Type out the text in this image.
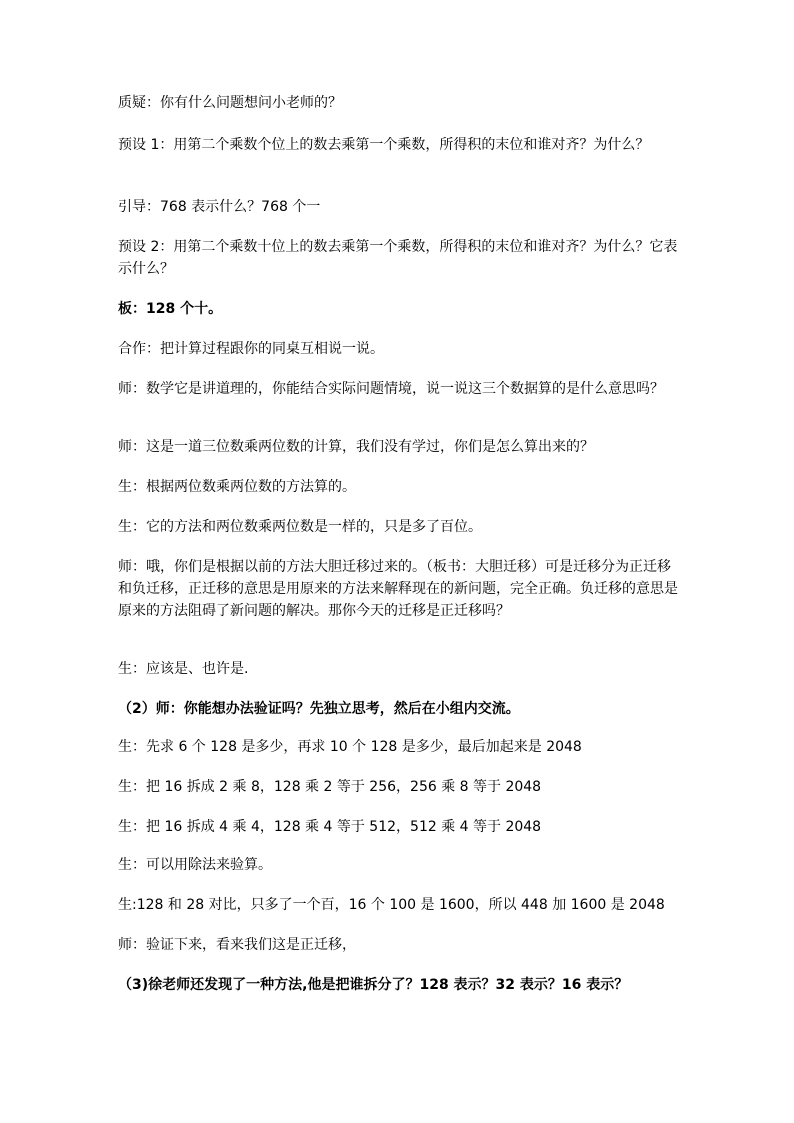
质疑：你有什么问题想问小老师的？

预设 1：用第二个乘数个位上的数去乘第一个乘数，所得积的末位和谁对齐？为什么？

引导：768 表示什么？768 个一

预设 2：用第二个乘数十位上的数去乘第一个乘数，所得积的末位和谁对齐？为什么？它表示什么？

板：128 个十。

合作：把计算过程跟你的同桌互相说一说。

师：数学它是讲道理的，你能结合实际问题情境，说一说这三个数据算的是什么意思吗？

师：这是一道三位数乘两位数的计算，我们没有学过，你们是怎么算出来的？

生：根据两位数乘两位数的方法算的。

生：它的方法和两位数乘两位数是一样的，只是多了百位。

师：哦，你们是根据以前的方法大胆迁移过来的。（板书：大胆迁移）可是迁移分为正迁移和负迁移，正迁移的意思是用原来的方法来解释现在的新问题，完全正确。负迁移的意思是原来的方法阻碍了新问题的解决。那你今天的迁移是正迁移吗？

生：应该是、也许是.

（2）师：你能想办法验证吗？先独立思考，然后在小组内交流。

生：先求 6 个 128 是多少，再求 10 个 128 是多少，最后加起来是 2048

生：把 16 拆成 2 乘 8，128 乘 2 等于 256，256 乘 8 等于 2048

生：把 16 拆成 4 乘 4，128 乘 4 等于 512，512 乘 4 等于 2048

生：可以用除法来验算。

生:128 和 28 对比，只多了一个百，16 个 100 是 1600，所以 448 加 1600 是 2048

师：验证下来，看来我们这是正迁移，

（3)徐老师还发现了一种方法,他是把谁拆分了？128 表示？32 表示？16 表示？
